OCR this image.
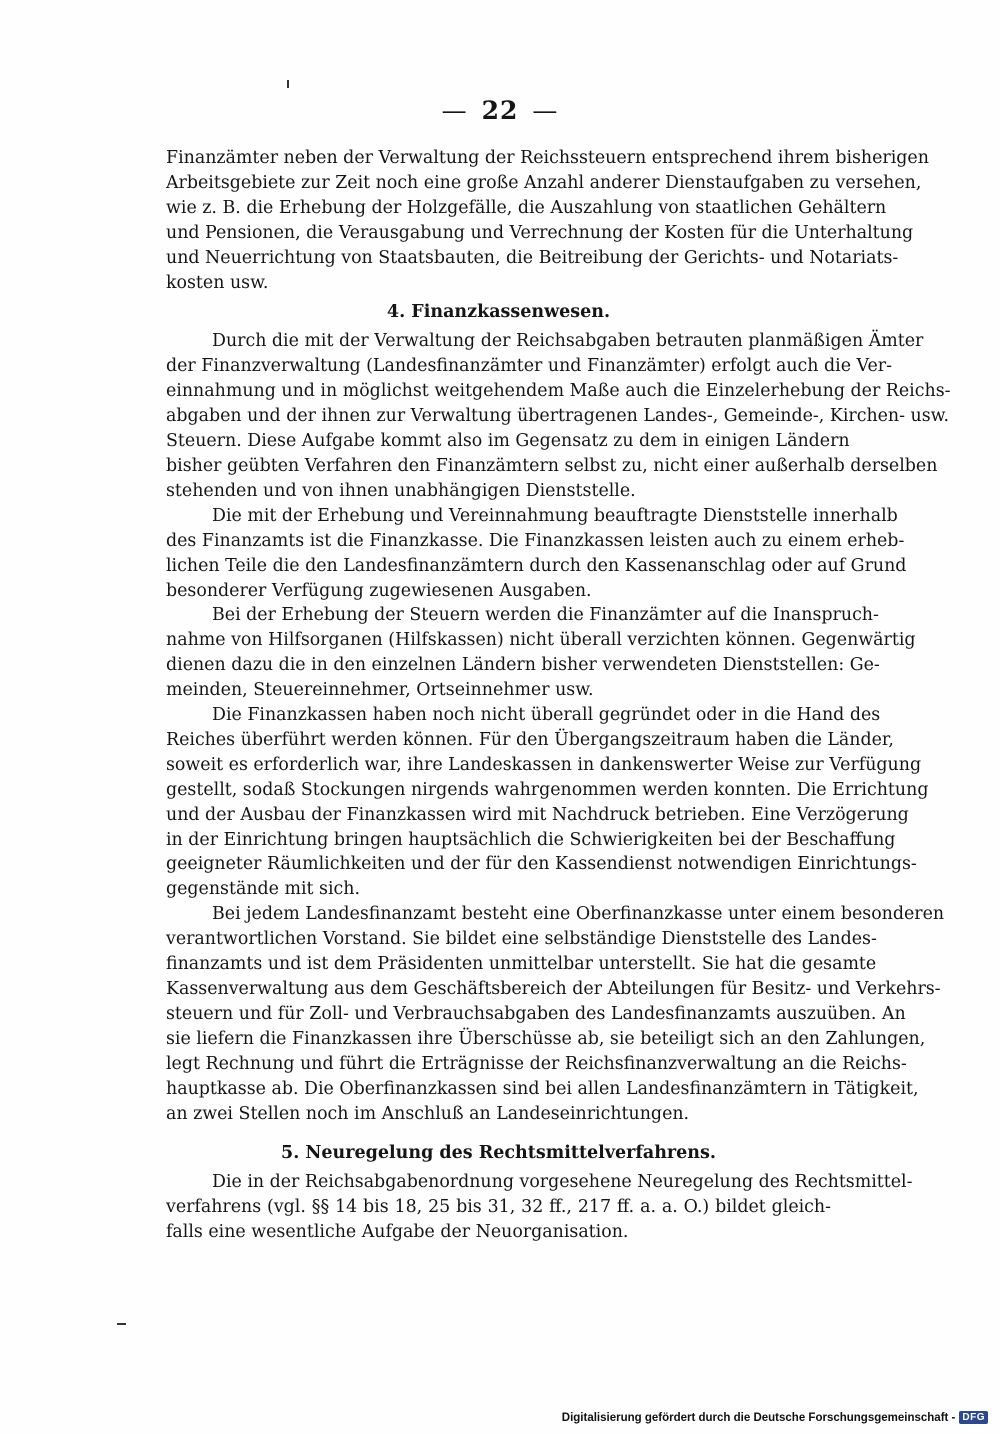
— 22 —

Finanzämter neben der Verwaltung der Reichssteuern entsprechend ihrem bisherigen
Arbeitsgebiete zur Zeit noch eine große Anzahl anderer Dienstaufgaben zu versehen,
wie z. B. die Erhebung der Holzgefälle, die Auszahlung von staatlichen Gehältern
und Pensionen, die Verausgabung und Verrechnung der Kosten für die Unterhaltung
und Neuerrichtung von Staatsbauten, die Beitreibung der Gerichts- und Notariats-
kosten usw.

4. Finanzkassenwesen.

Durch die mit der Verwaltung der Reichsabgaben betrauten planmäßigen Ämter
der Finanzverwaltung (Landesfinanzämter und Finanzämter) erfolgt auch die Ver-
einnahmung und in möglichst weitgehendem Maße auch die Einzelerhebung der Reichs-
abgaben und der ihnen zur Verwaltung übertragenen Landes-, Gemeinde-, Kirchen- usw.
Steuern. Diese Aufgabe kommt also im Gegensatz zu dem in einigen Ländern
bisher geübten Verfahren den Finanzämtern selbst zu, nicht einer außerhalb derselben
stehenden und von ihnen unabhängigen Dienststelle.

Die mit der Erhebung und Vereinnahmung beauftragte Dienststelle innerhalb
des Finanzamts ist die Finanzkasse. Die Finanzkassen leisten auch zu einem erheb-
lichen Teile die den Landesfinanzämtern durch den Kassenanschlag oder auf Grund
besonderer Verfügung zugewiesenen Ausgaben.

Bei der Erhebung der Steuern werden die Finanzämter auf die Inanspruch-
nahme von Hilfsorganen (Hilfskassen) nicht überall verzichten können. Gegenwärtig
dienen dazu die in den einzelnen Ländern bisher verwendeten Dienststellen: Ge-
meinden, Steuereinnehmer, Ortseinnehmer usw.

Die Finanzkassen haben noch nicht überall gegründet oder in die Hand des
Reiches überführt werden können. Für den Übergangszeitraum haben die Länder,
soweit es erforderlich war, ihre Landeskassen in dankenswerter Weise zur Verfügung
gestellt, sodaß Stockungen nirgends wahrgenommen werden konnten. Die Errichtung
und der Ausbau der Finanzkassen wird mit Nachdruck betrieben. Eine Verzögerung
in der Einrichtung bringen hauptsächlich die Schwierigkeiten bei der Beschaffung
geeigneter Räumlichkeiten und der für den Kassendienst notwendigen Einrichtungs-
gegenstände mit sich.

Bei jedem Landesfinanzamt besteht eine Oberfinanzkasse unter einem besonderen
verantwortlichen Vorstand. Sie bildet eine selbständige Dienststelle des Landes-
finanzamts und ist dem Präsidenten unmittelbar unterstellt. Sie hat die gesamte
Kassenverwaltung aus dem Geschäftsbereich der Abteilungen für Besitz- und Verkehrs-
steuern und für Zoll- und Verbrauchsabgaben des Landesfinanzamts auszuüben. An
sie liefern die Finanzkassen ihre Überschüsse ab, sie beteiligt sich an den Zahlungen,
legt Rechnung und führt die Erträgnisse der Reichsfinanzverwaltung an die Reichs-
hauptkasse ab. Die Oberfinanzkassen sind bei allen Landesfinanzämtern in Tätigkeit,
an zwei Stellen noch im Anschluß an Landeseinrichtungen.

5. Neuregelung des Rechtsmittelverfahrens.

Die in der Reichsabgabenordnung vorgesehene Neuregelung des Rechtsmittel-
verfahrens (vgl. §§ 14 bis 18, 25 bis 31, 32 ff., 217 ff. a. a. O.) bildet gleich-
falls eine wesentliche Aufgabe der Neuorganisation.

Digitalisierung gefördert durch die Deutsche Forschungsgemeinschaft - DFG
